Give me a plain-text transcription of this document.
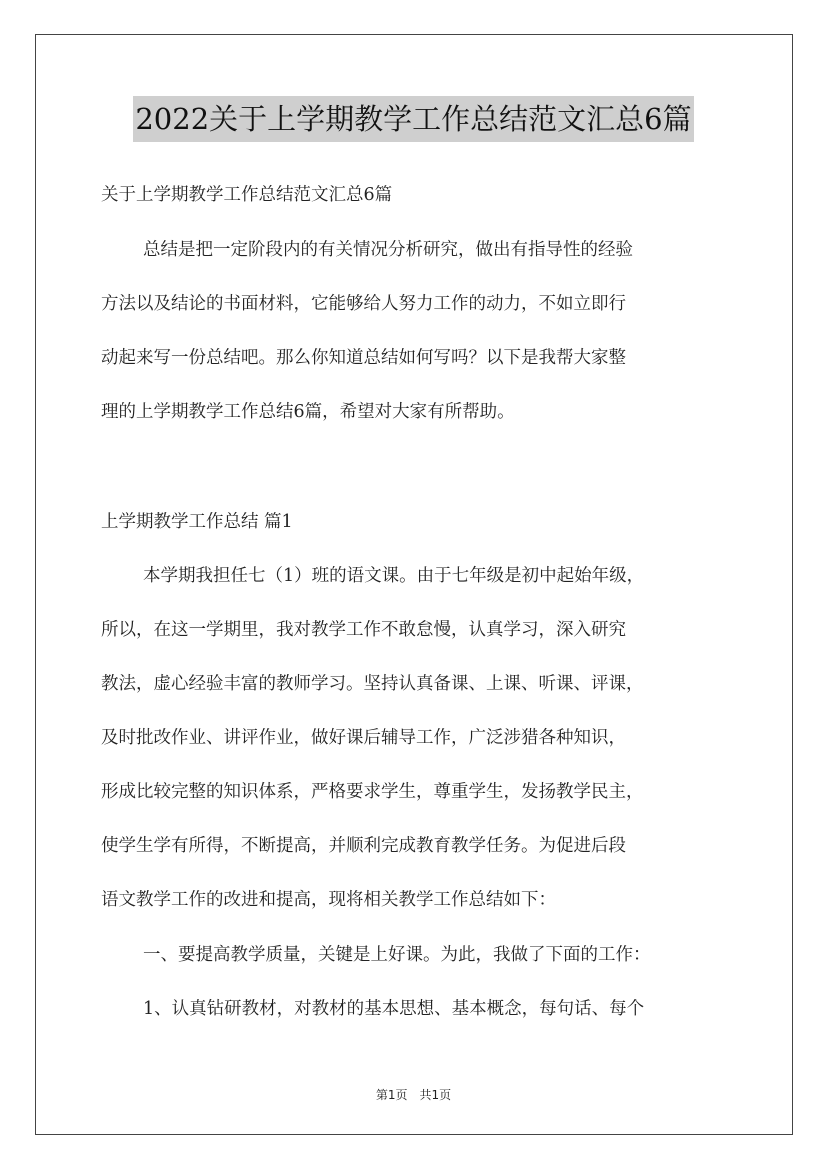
2022关于上学期教学工作总结范文汇总6篇
关于上学期教学工作总结范文汇总6篇
总结是把一定阶段内的有关情况分析研究，做出有指导性的经验
方法以及结论的书面材料，它能够给人努力工作的动力，不如立即行
动起来写一份总结吧。那么你知道总结如何写吗？以下是我帮大家整
理的上学期教学工作总结6篇，希望对大家有所帮助。
上学期教学工作总结 篇1
本学期我担任七（1）班的语文课。由于七年级是初中起始年级，
所以，在这一学期里，我对教学工作不敢怠慢，认真学习，深入研究
教法，虚心经验丰富的教师学习。坚持认真备课、上课、听课、评课，
及时批改作业、讲评作业，做好课后辅导工作，广泛涉猎各种知识，
形成比较完整的知识体系，严格要求学生，尊重学生，发扬教学民主，
使学生学有所得，不断提高，并顺利完成教育教学任务。为促进后段
语文教学工作的改进和提高，现将相关教学工作总结如下：
一、要提高教学质量，关键是上好课。为此，我做了下面的工作：
1、认真钻研教材，对教材的基本思想、基本概念，每句话、每个
第1页　共1页
